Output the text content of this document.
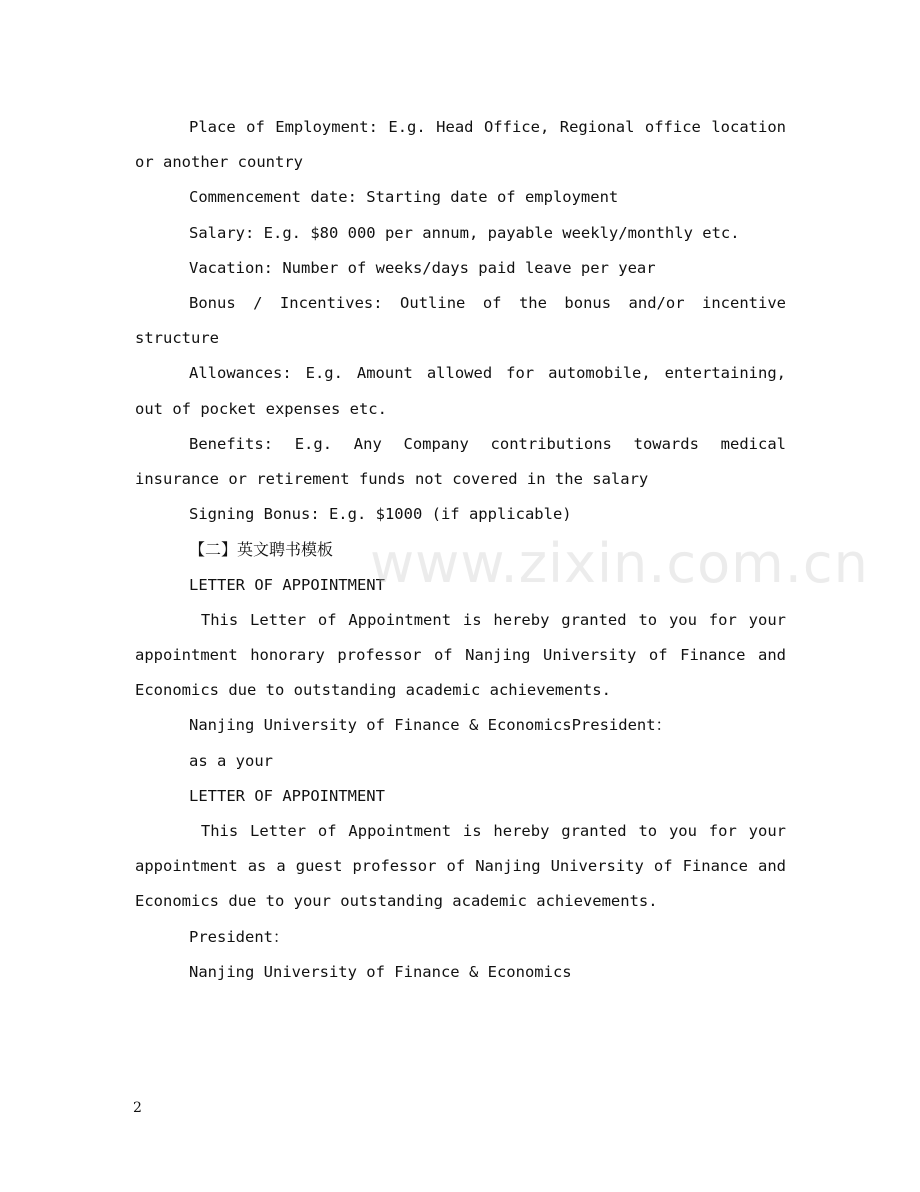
Place of Employment: E.g. Head Office, Regional office location or another country

Commencement date: Starting date of employment

Salary: E.g. $80 000 per annum, payable weekly/monthly etc.

Vacation: Number of weeks/days paid leave per year

Bonus / Incentives: Outline of the bonus and/or incentive structure

Allowances: E.g. Amount allowed for automobile, entertaining, out of pocket expenses etc.

Benefits: E.g. Any Company contributions towards medical insurance or retirement funds not covered in the salary

Signing Bonus: E.g. $1000 (if applicable)

【二】英文聘书模板

LETTER OF APPOINTMENT

This Letter of Appointment is hereby granted to you for your appointment honorary professor of Nanjing University of Finance and Economics due to outstanding academic achievements.

Nanjing University of Finance & EconomicsPresident：

as a your

LETTER OF APPOINTMENT

This Letter of Appointment is hereby granted to you for your appointment as a guest professor of Nanjing University of Finance and Economics due to your outstanding academic achievements.

President：

Nanjing University of Finance & Economics

www.zixin.com.cn
2
